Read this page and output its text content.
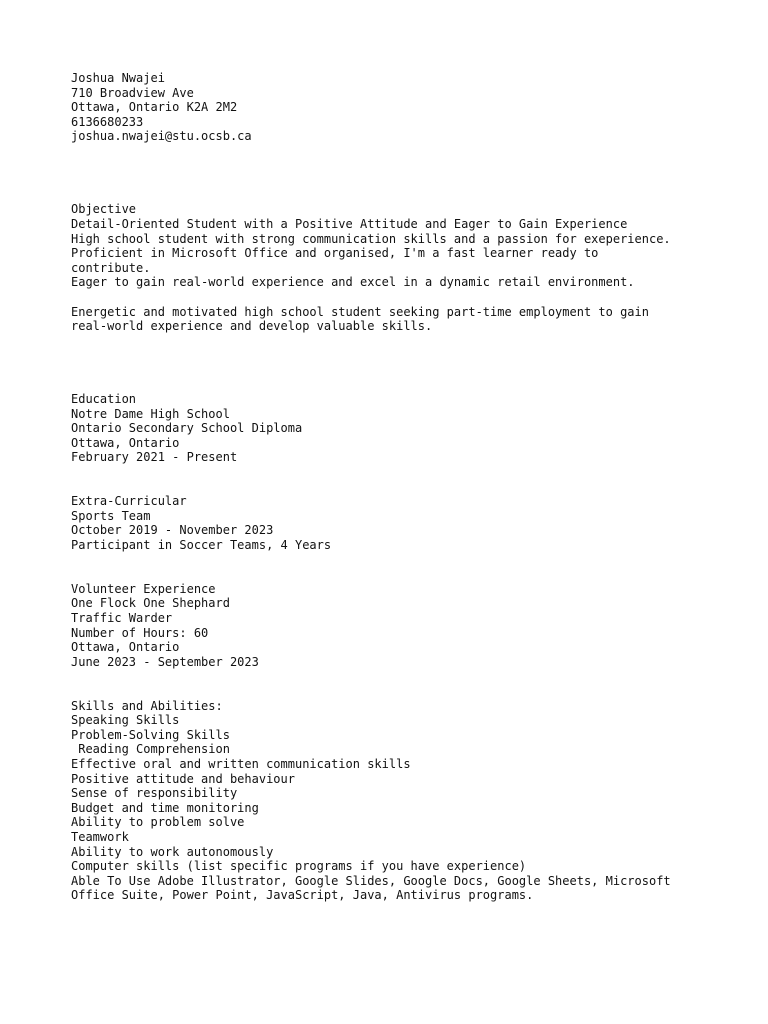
Joshua Nwajei
710 Broadview Ave
Ottawa, Ontario K2A 2M2
6136680233
joshua.nwajei@stu.ocsb.ca
Objective
Detail-Oriented Student with a Positive Attitude and Eager to Gain Experience
High school student with strong communication skills and a passion for exeperience.
Proficient in Microsoft Office and organised, I'm a fast learner ready to
contribute.
Eager to gain real-world experience and excel in a dynamic retail environment.
Energetic and motivated high school student seeking part-time employment to gain
real-world experience and develop valuable skills.
Education
Notre Dame High School
Ontario Secondary School Diploma
Ottawa, Ontario
February 2021 - Present
Extra-Curricular
Sports Team
October 2019 - November 2023
Participant in Soccer Teams, 4 Years
Volunteer Experience
One Flock One Shephard
Traffic Warder
Number of Hours: 60
Ottawa, Ontario
June 2023 - September 2023
Skills and Abilities:
Speaking Skills
Problem-Solving Skills
Reading Comprehension
Effective oral and written communication skills
Positive attitude and behaviour
Sense of responsibility
Budget and time monitoring
Ability to problem solve
Teamwork
Ability to work autonomously
Computer skills (list specific programs if you have experience)
Able To Use Adobe Illustrator, Google Slides, Google Docs, Google Sheets, Microsoft
Office Suite, Power Point, JavaScript, Java, Antivirus programs.
